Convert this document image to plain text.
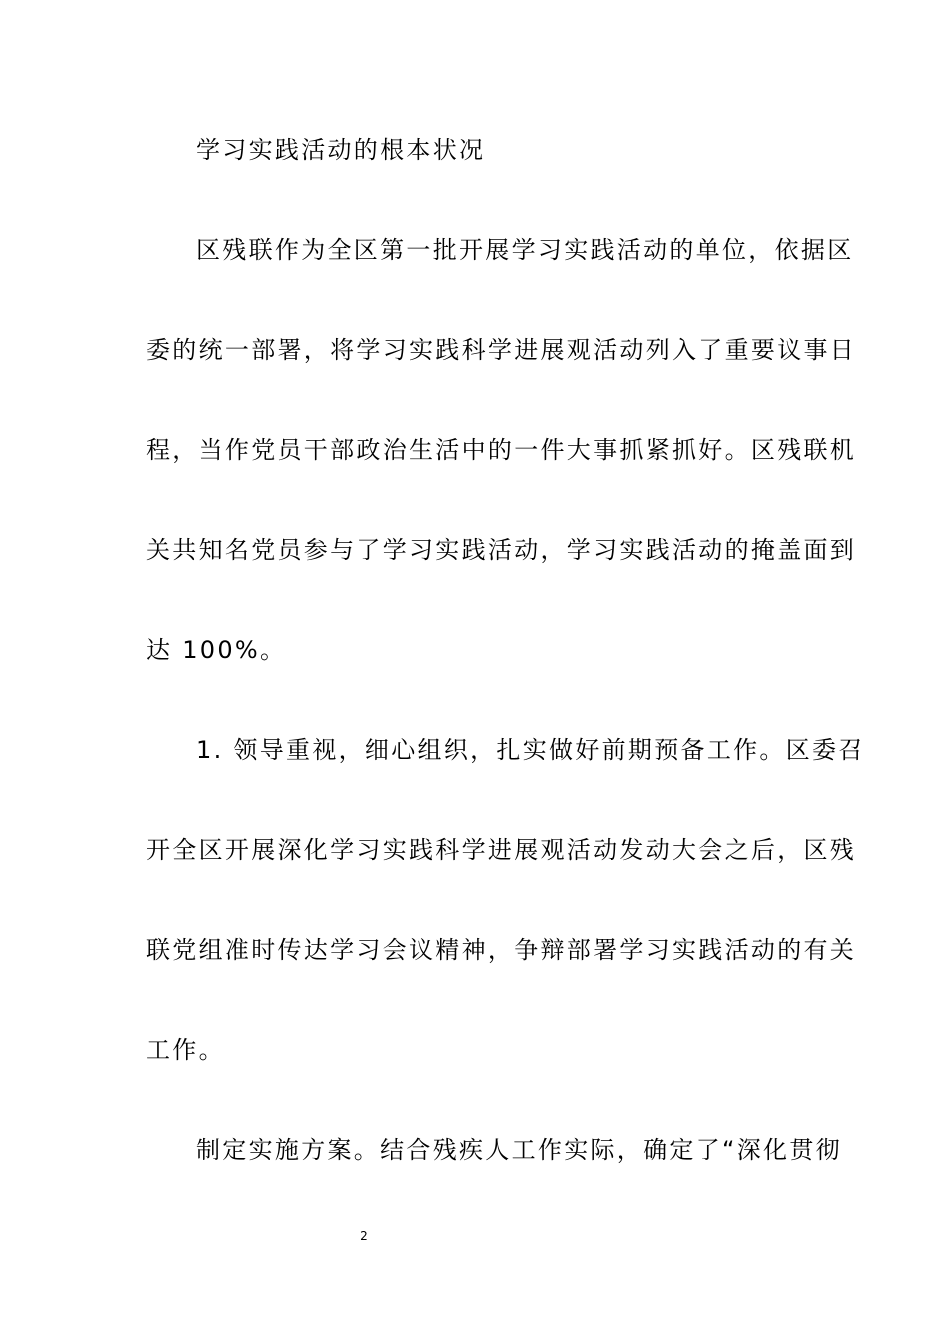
学习实践活动的根本状况
区残联作为全区第一批开展学习实践活动的单位，依据区
委的统一部署，将学习实践科学进展观活动列入了重要议事日
程，当作党员干部政治生活中的一件大事抓紧抓好。区残联机
关共知名党员参与了学习实践活动，学习实践活动的掩盖面到
达 100%。
1. 领导重视，细心组织，扎实做好前期预备工作。区委召
开全区开展深化学习实践科学进展观活动发动大会之后，区残
联党组准时传达学习会议精神，争辩部署学习实践活动的有关
工作。
制定实施方案。结合残疾人工作实际，确定了“深化贯彻
2
